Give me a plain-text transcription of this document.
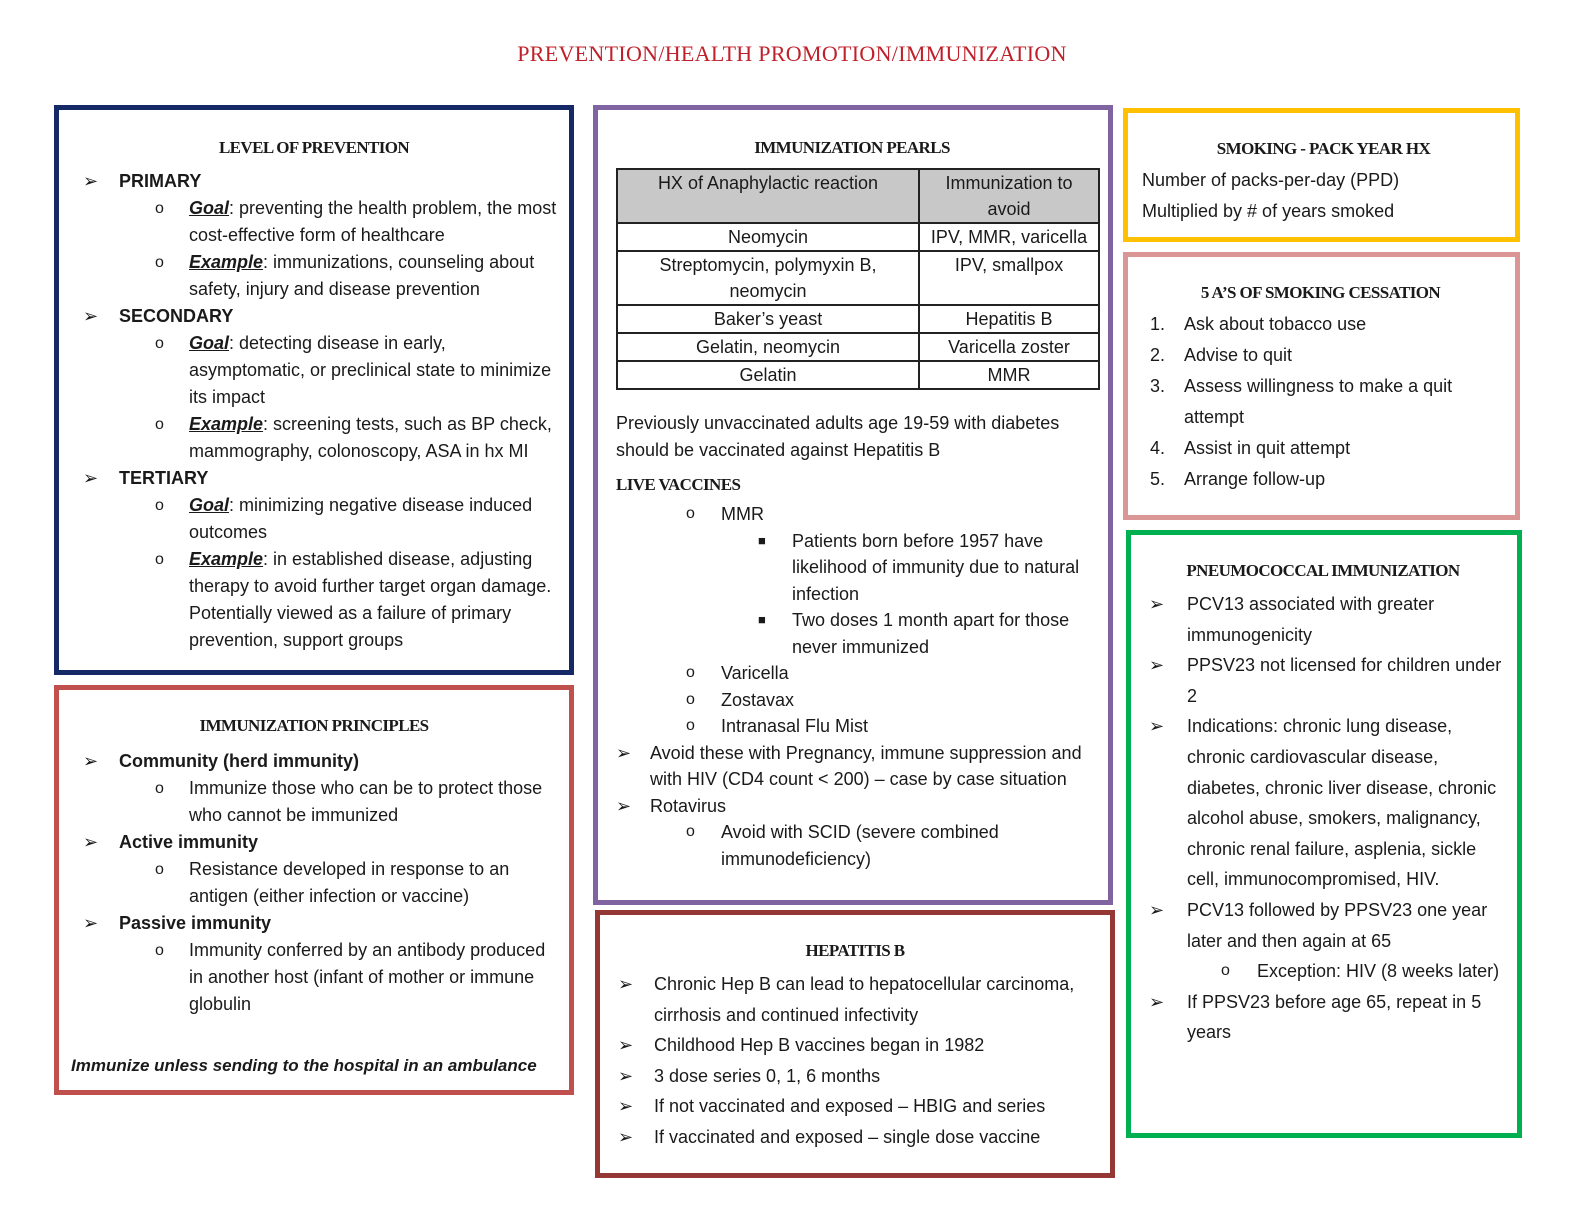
PREVENTION/HEALTH PROMOTION/IMMUNIZATION
LEVEL OF PREVENTION
➢ PRIMARY
o Goal: preventing the health problem, the most cost-effective form of healthcare
o Example: immunizations, counseling about safety, injury and disease prevention
➢ SECONDARY
o Goal: detecting disease in early, asymptomatic, or preclinical state to minimize its impact
o Example: screening tests, such as BP check, mammography, colonoscopy, ASA in hx MI
➢ TERTIARY
o Goal: minimizing negative disease induced outcomes
o Example: in established disease, adjusting therapy to avoid further target organ damage. Potentially viewed as a failure of primary prevention, support groups
IMMUNIZATION PRINCIPLES
➢ Community (herd immunity)
o Immunize those who can be to protect those who cannot be immunized
➢ Active immunity
o Resistance developed in response to an antigen (either infection or vaccine)
➢ Passive immunity
o Immunity conferred by an antibody produced in another host (infant of mother or immune globulin
Immunize unless sending to the hospital in an ambulance
IMMUNIZATION PEARLS
HX of Anaphylactic reaction	Immunization to avoid
Neomycin	IPV, MMR, varicella
Streptomycin, polymyxin B, neomycin	IPV, smallpox
Baker’s yeast	Hepatitis B
Gelatin, neomycin	Varicella zoster
Gelatin	MMR
Previously unvaccinated adults age 19-59 with diabetes should be vaccinated against Hepatitis B
LIVE VACCINES
o MMR
■ Patients born before 1957 have likelihood of immunity due to natural infection
■ Two doses 1 month apart for those never immunized
o Varicella
o Zostavax
o Intranasal Flu Mist
➢ Avoid these with Pregnancy, immune suppression and with HIV (CD4 count < 200) – case by case situation
➢ Rotavirus
o Avoid with SCID (severe combined immunodeficiency)
HEPATITIS B
➢ Chronic Hep B can lead to hepatocellular carcinoma, cirrhosis and continued infectivity
➢ Childhood Hep B vaccines began in 1982
➢ 3 dose series 0, 1, 6 months
➢ If not vaccinated and exposed – HBIG and series
➢ If vaccinated and exposed – single dose vaccine
SMOKING - PACK YEAR HX
Number of packs-per-day (PPD)
Multiplied by # of years smoked
5 A’S OF SMOKING CESSATION
1. Ask about tobacco use
2. Advise to quit
3. Assess willingness to make a quit attempt
4. Assist in quit attempt
5. Arrange follow-up
PNEUMOCOCCAL IMMUNIZATION
➢ PCV13 associated with greater immunogenicity
➢ PPSV23 not licensed for children under 2
➢ Indications: chronic lung disease, chronic cardiovascular disease, diabetes, chronic liver disease, chronic alcohol abuse, smokers, malignancy, chronic renal failure, asplenia, sickle cell, immunocompromised, HIV.
➢ PCV13 followed by PPSV23 one year later and then again at 65
o Exception: HIV (8 weeks later)
➢ If PPSV23 before age 65, repeat in 5 years
